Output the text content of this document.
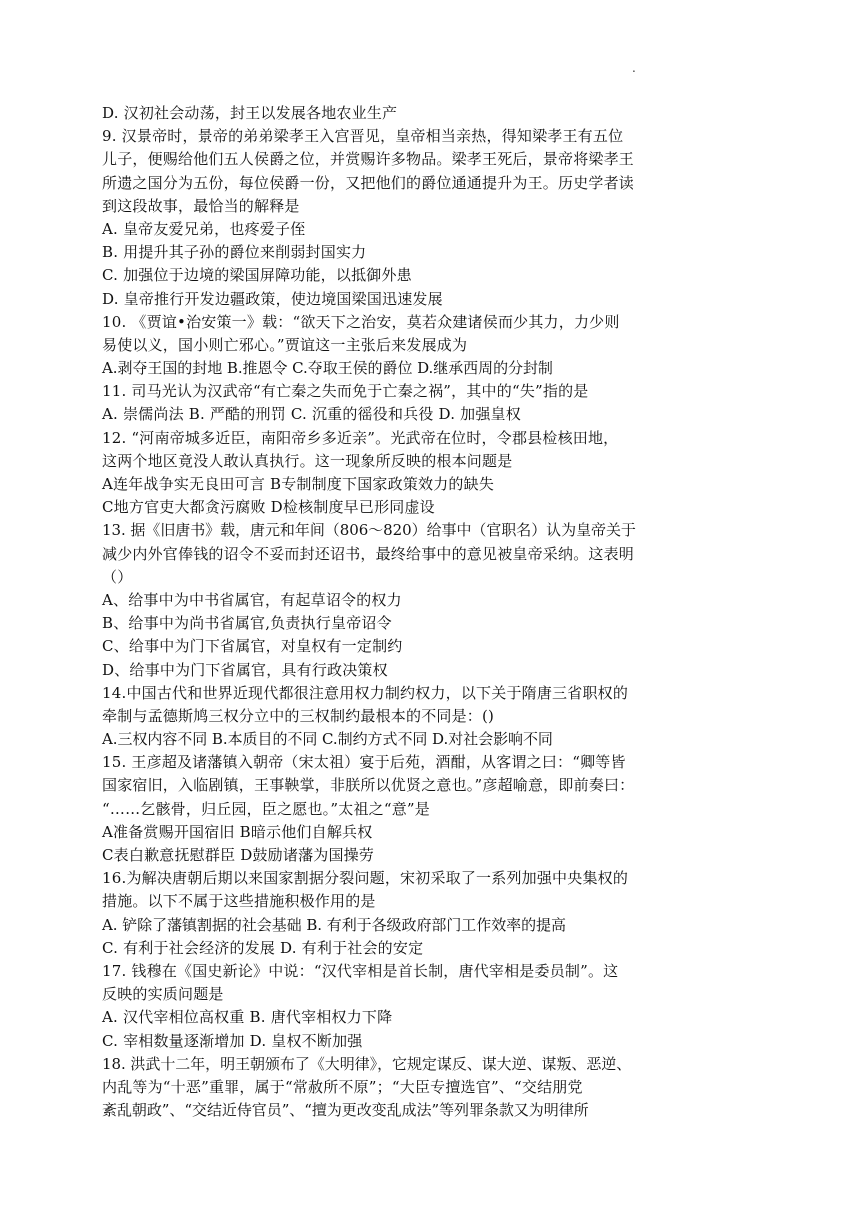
.
D. 汉初社会动荡，封王以发展各地农业生产
9. 汉景帝时，景帝的弟弟梁孝王入宫晋见，皇帝相当亲热，得知梁孝王有五位
儿子，便赐给他们五人侯爵之位，并赏赐许多物品。梁孝王死后，景帝将梁孝王
所遗之国分为五份，每位侯爵一份，又把他们的爵位通通提升为王。历史学者读
到这段故事，最恰当的解释是
A. 皇帝友爱兄弟，也疼爱子侄
B. 用提升其子孙的爵位来削弱封国实力
C. 加强位于边境的梁国屏障功能，以抵御外患
D. 皇帝推行开发边疆政策，使边境国梁国迅速发展
10. 《贾谊•治安策一》载：“欲天下之治安，莫若众建诸侯而少其力，力少则
易使以义，国小则亡邪心。”贾谊这一主张后来发展成为
A.剥夺王国的封地 B.推恩令 C.夺取王侯的爵位 D.继承西周的分封制
11. 司马光认为汉武帝“有亡秦之失而免于亡秦之祸”，其中的“失”指的是
A. 崇儒尚法 B. 严酷的刑罚 C. 沉重的徭役和兵役 D. 加强皇权
12. “河南帝城多近臣，南阳帝乡多近亲”。光武帝在位时，令郡县检核田地，
这两个地区竟没人敢认真执行。这一现象所反映的根本问题是
A连年战争实无良田可言 B专制制度下国家政策效力的缺失
C地方官吏大都贪污腐败 D检核制度早已形同虚设
13. 据《旧唐书》载，唐元和年间（806～820）给事中（官职名）认为皇帝关于
减少内外官俸钱的诏令不妥而封还诏书，最终给事中的意见被皇帝采纳。这表明
（）
A、给事中为中书省属官，有起草诏令的权力
B、给事中为尚书省属官,负责执行皇帝诏令
C、给事中为门下省属官，对皇权有一定制约
D、给事中为门下省属官，具有行政决策权
14.中国古代和世界近现代都很注意用权力制约权力，以下关于隋唐三省职权的
牵制与孟德斯鸠三权分立中的三权制约最根本的不同是：()
A.三权内容不同 B.本质目的不同 C.制约方式不同 D.对社会影响不同
15. 王彦超及诸藩镇入朝帝（宋太祖）宴于后苑，酒酣，从客谓之曰：“卿等皆
国家宿旧，入临剧镇，王事鞅掌，非朕所以优贤之意也。”彦超喻意，即前奏曰：
“……乞骸骨，归丘园，臣之愿也。”太祖之“意”是
A准备赏赐开国宿旧 B暗示他们自解兵权
C表白歉意抚慰群臣 D鼓励诸藩为国操劳
16.为解决唐朝后期以来国家割据分裂问题，宋初采取了一系列加强中央集权的
措施。以下不属于这些措施积极作用的是
A. 铲除了藩镇割据的社会基础 B. 有利于各级政府部门工作效率的提高
C. 有利于社会经济的发展 D. 有利于社会的安定
17. 钱穆在《国史新论》中说：“汉代宰相是首长制，唐代宰相是委员制”。这
反映的实质问题是
A. 汉代宰相位高权重 B. 唐代宰相权力下降
C. 宰相数量逐渐增加 D. 皇权不断加强
18. 洪武十二年，明王朝颁布了《大明律》，它规定谋反、谋大逆、谋叛、恶逆、
内乱等为“十恶”重罪，属于“常赦所不原”；“大臣专擅选官”、“交结朋党
紊乱朝政”、“交结近侍官员”、“擅为更改变乱成法”等列罪条款又为明律所
